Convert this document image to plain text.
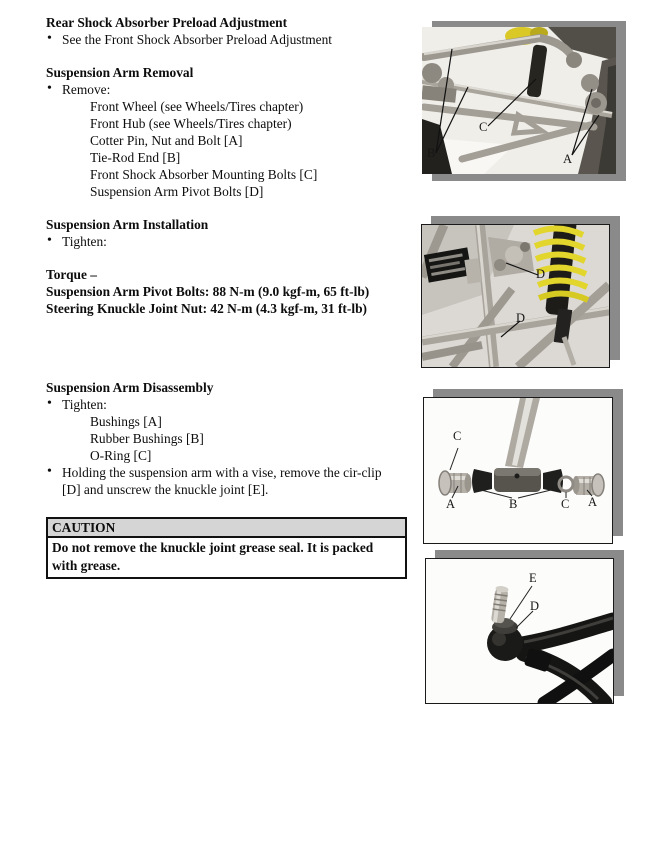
Rear Shock Absorber Preload Adjustment
• See the Front Shock Absorber Preload Adjustment
Suspension Arm Removal
• Remove:
Front Wheel (see Wheels/Tires chapter)
Front Hub (see Wheels/Tires chapter)
Cotter Pin, Nut and Bolt [A]
Tie-Rod End [B]
Front Shock Absorber Mounting Bolts [C]
Suspension Arm Pivot Bolts [D]
Suspension Arm Installation
• Tighten:
Torque –
Suspension Arm Pivot Bolts: 88 N-m (9.0 kgf-m, 65 ft-lb)
Steering Knuckle Joint Nut: 42 N-m (4.3 kgf-m, 31 ft-lb)
Suspension Arm Disassembly
• Tighten:
Bushings [A]
Rubber Bushings [B]
O-Ring [C]
• Holding the suspension arm with a vise, remove the cir-clip [D] and unscrew the knuckle joint [E].
CAUTION
Do not remove the knuckle joint grease seal. It is packed with grease.
B
C
A
D
D
C
A	B	C A
E
D
